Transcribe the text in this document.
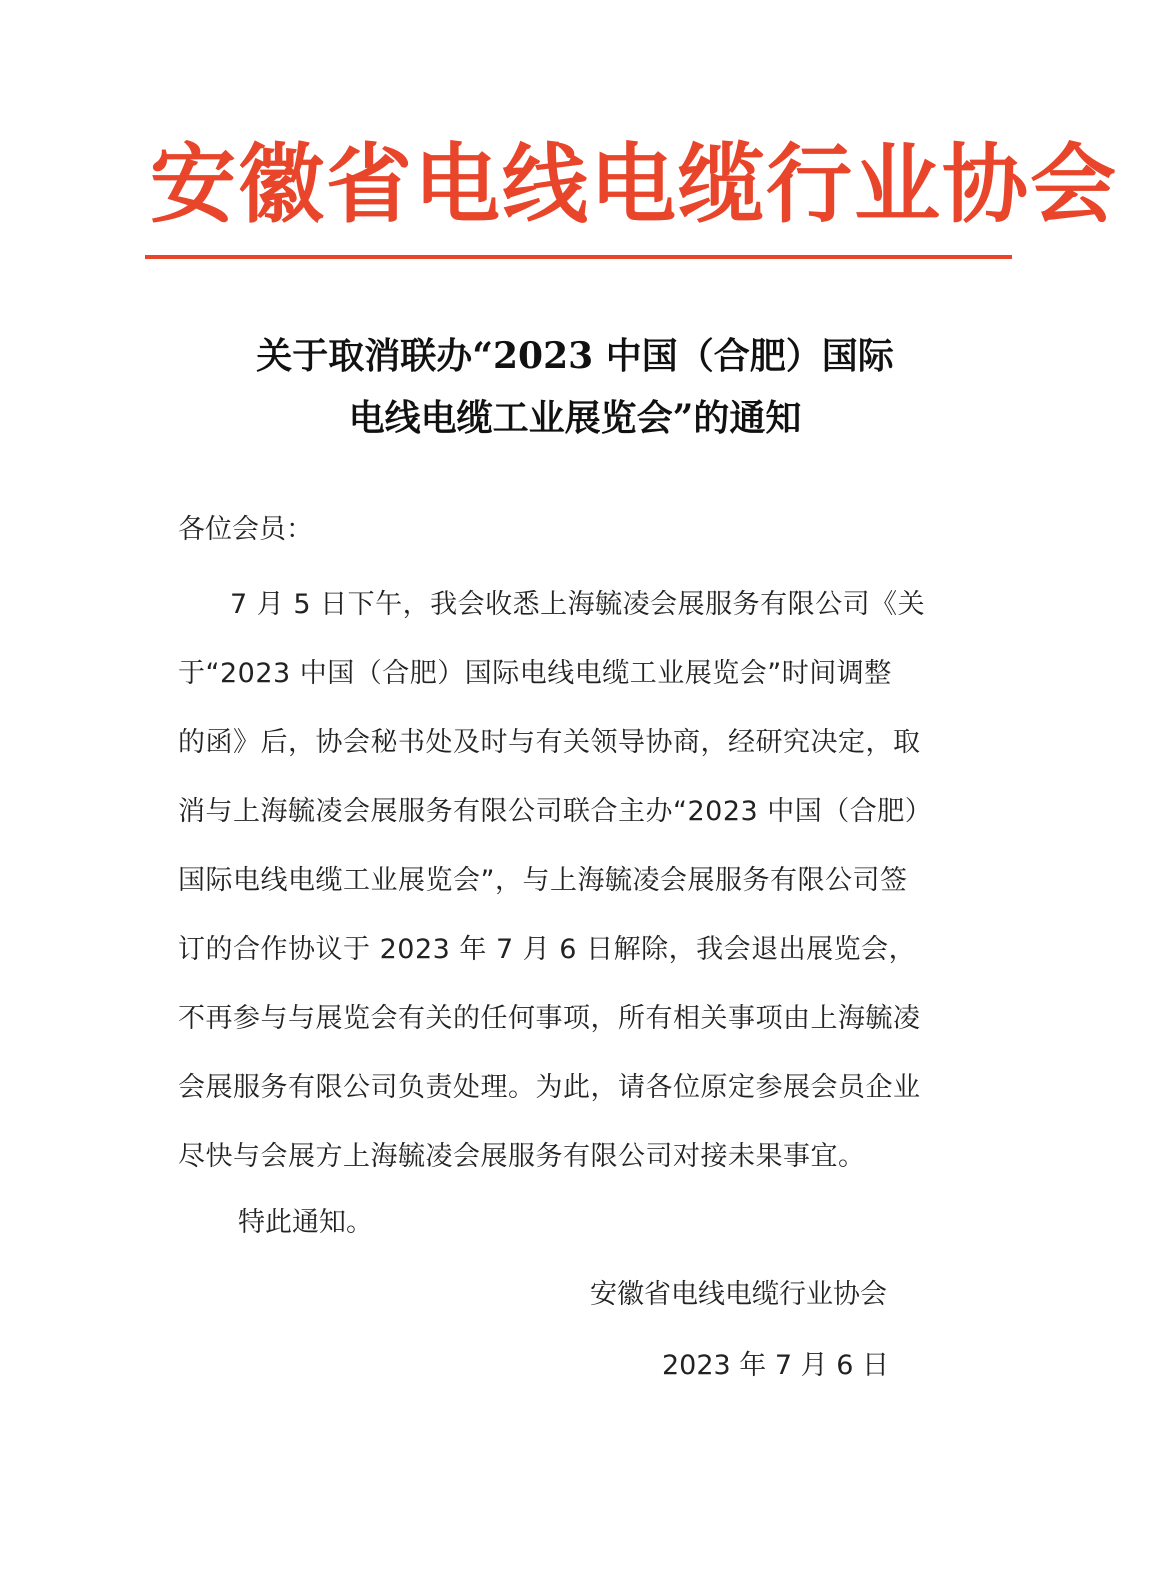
安徽省电线电缆行业协会
关于取消联办“2023 中国（合肥）国际
电线电缆工业展览会”的通知
各位会员：
7 月 5 日下午，我会收悉上海毓凌会展服务有限公司《关
于“2023 中国（合肥）国际电线电缆工业展览会”时间调整
的函》后，协会秘书处及时与有关领导协商，经研究决定，取
消与上海毓凌会展服务有限公司联合主办“2023 中国（合肥）
国际电线电缆工业展览会”，与上海毓凌会展服务有限公司签
订的合作协议于 2023 年 7 月 6 日解除，我会退出展览会，
不再参与与展览会有关的任何事项，所有相关事项由上海毓凌
会展服务有限公司负责处理。为此，请各位原定参展会员企业
尽快与会展方上海毓凌会展服务有限公司对接未果事宜。
特此通知。
安徽省电线电缆行业协会
2023 年 7 月 6 日
